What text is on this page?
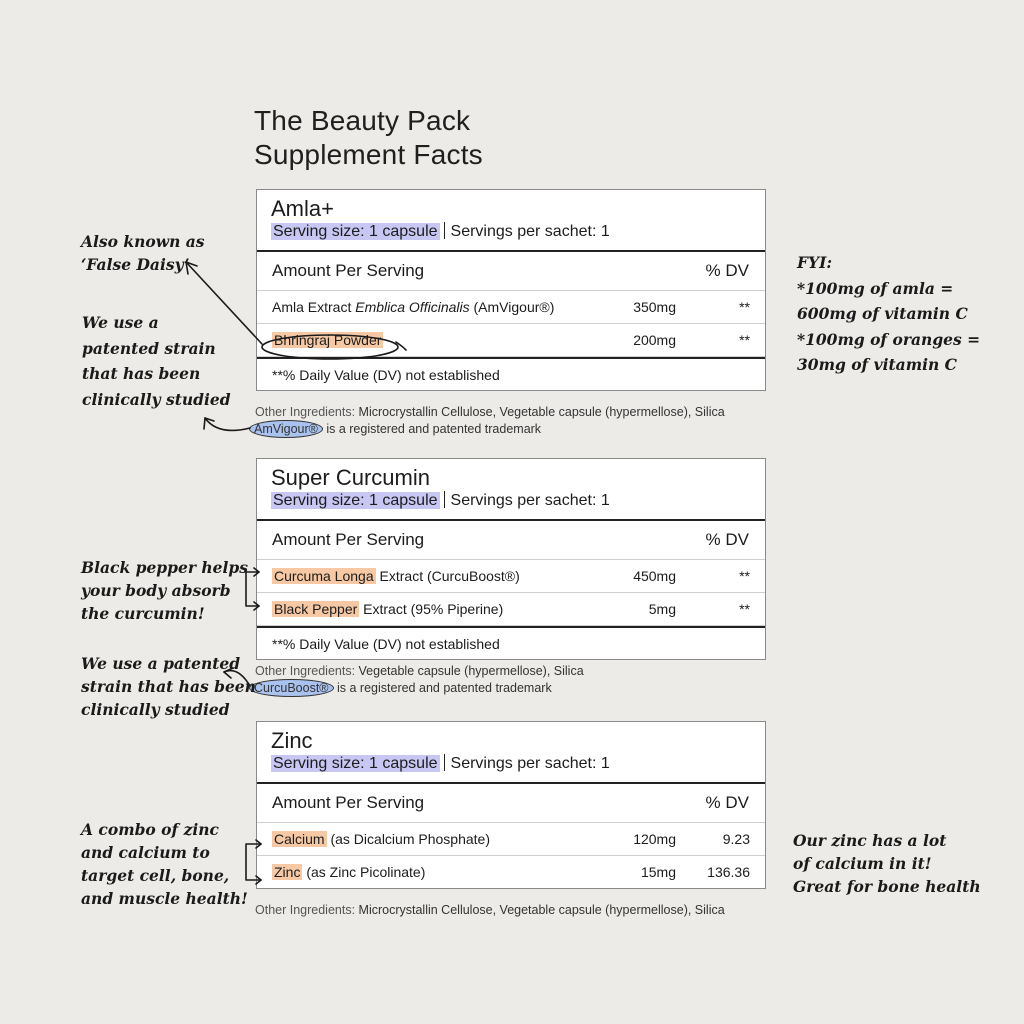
The Beauty Pack
Supplement Facts
Amla+
Serving size: 1 capsule Servings per sachet: 1
Amount Per Serving	% DV
Amla Extract Emblica Officinalis (AmVigour®)	350mg	**
Bhringraj Powder	200mg	**
**% Daily Value (DV) not established
Other Ingredients: Microcrystallin Cellulose, Vegetable capsule (hypermellose), Silica
AmVigour® is a registered and patented trademark
Super Curcumin
Serving size: 1 capsule Servings per sachet: 1
Amount Per Serving	% DV
Curcuma Longa Extract (CurcuBoost®)	450mg	**
Black Pepper Extract (95% Piperine)	5mg	**
**% Daily Value (DV) not established
Other Ingredients: Vegetable capsule (hypermellose), Silica
CurcuBoost® is a registered and patented trademark
Zinc
Serving size: 1 capsule Servings per sachet: 1
Amount Per Serving	% DV
Calcium (as Dicalcium Phosphate)	120mg	9.23
Zinc (as Zinc Picolinate)	15mg	136.36
Other Ingredients: Microcrystallin Cellulose, Vegetable capsule (hypermellose), Silica
Also known as
‘False Daisy’
We use a
patented strain
that has been
clinically studied
FYI:
*100mg of amla =
600mg of vitamin C
*100mg of oranges =
30mg of vitamin C
Black pepper helps
your body absorb
the curcumin!
We use a patented
strain that has been
clinically studied
A combo of zinc
and calcium to
target cell, bone,
and muscle health!
Our zinc has a lot
of calcium in it!
Great for bone health
